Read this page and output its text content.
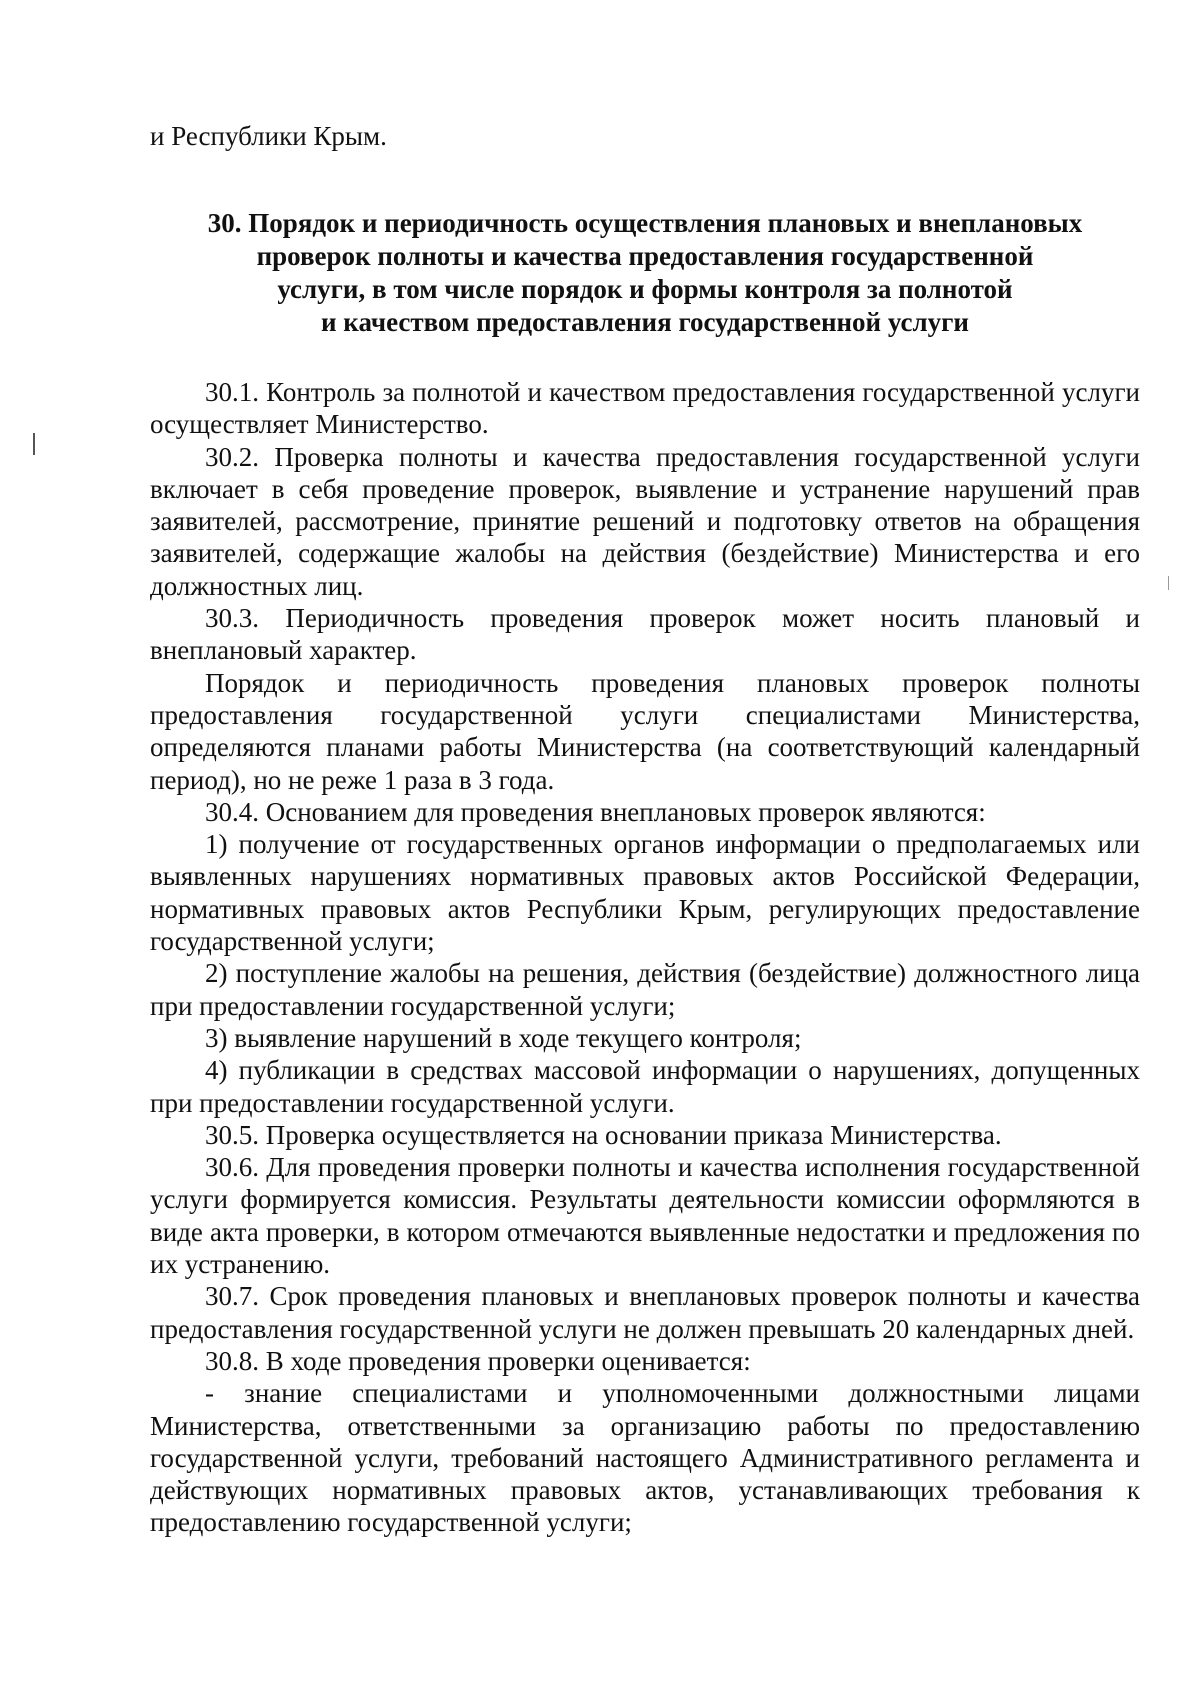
и Республики Крым.

30. Порядок и периодичность осуществления плановых и внеплановых
проверок полноты и качества предоставления государственной
услуги, в том числе порядок и формы контроля за полнотой
и качеством предоставления государственной услуги

30.1. Контроль за полнотой и качеством предоставления государственной услуги осуществляет Министерство.

30.2. Проверка полноты и качества предоставления государственной услуги включает в себя проведение проверок, выявление и устранение нарушений прав заявителей, рассмотрение, принятие решений и подготовку ответов на обращения заявителей, содержащие жалобы на действия (бездействие) Министерства и его должностных лиц.

30.3. Периодичность проведения проверок может носить плановый и внеплановый характер.

Порядок и периодичность проведения плановых проверок полноты предоставления государственной услуги специалистами Министерства, определяются планами работы Министерства (на соответствующий календарный период), но не реже 1 раза в 3 года.

30.4. Основанием для проведения внеплановых проверок являются:

1) получение от государственных органов информации о предполагаемых или выявленных нарушениях нормативных правовых актов Российской Федерации, нормативных правовых актов Республики Крым, регулирующих предоставление государственной услуги;

2) поступление жалобы на решения, действия (бездействие) должностного лица при предоставлении государственной услуги;

3) выявление нарушений в ходе текущего контроля;

4) публикации в средствах массовой информации о нарушениях, допущенных при предоставлении государственной услуги.

30.5. Проверка осуществляется на основании приказа Министерства.

30.6. Для проведения проверки полноты и качества исполнения государственной услуги формируется комиссия. Результаты деятельности комиссии оформляются в виде акта проверки, в котором отмечаются выявленные недостатки и предложения по их устранению.

30.7. Срок проведения плановых и внеплановых проверок полноты и качества предоставления государственной услуги не должен превышать 20 календарных дней.

30.8. В ходе проведения проверки оценивается:

- знание специалистами и уполномоченными должностными лицами Министерства, ответственными за организацию работы по предоставлению государственной услуги, требований настоящего Административного регламента и действующих нормативных правовых актов, устанавливающих требования к предоставлению государственной услуги;
